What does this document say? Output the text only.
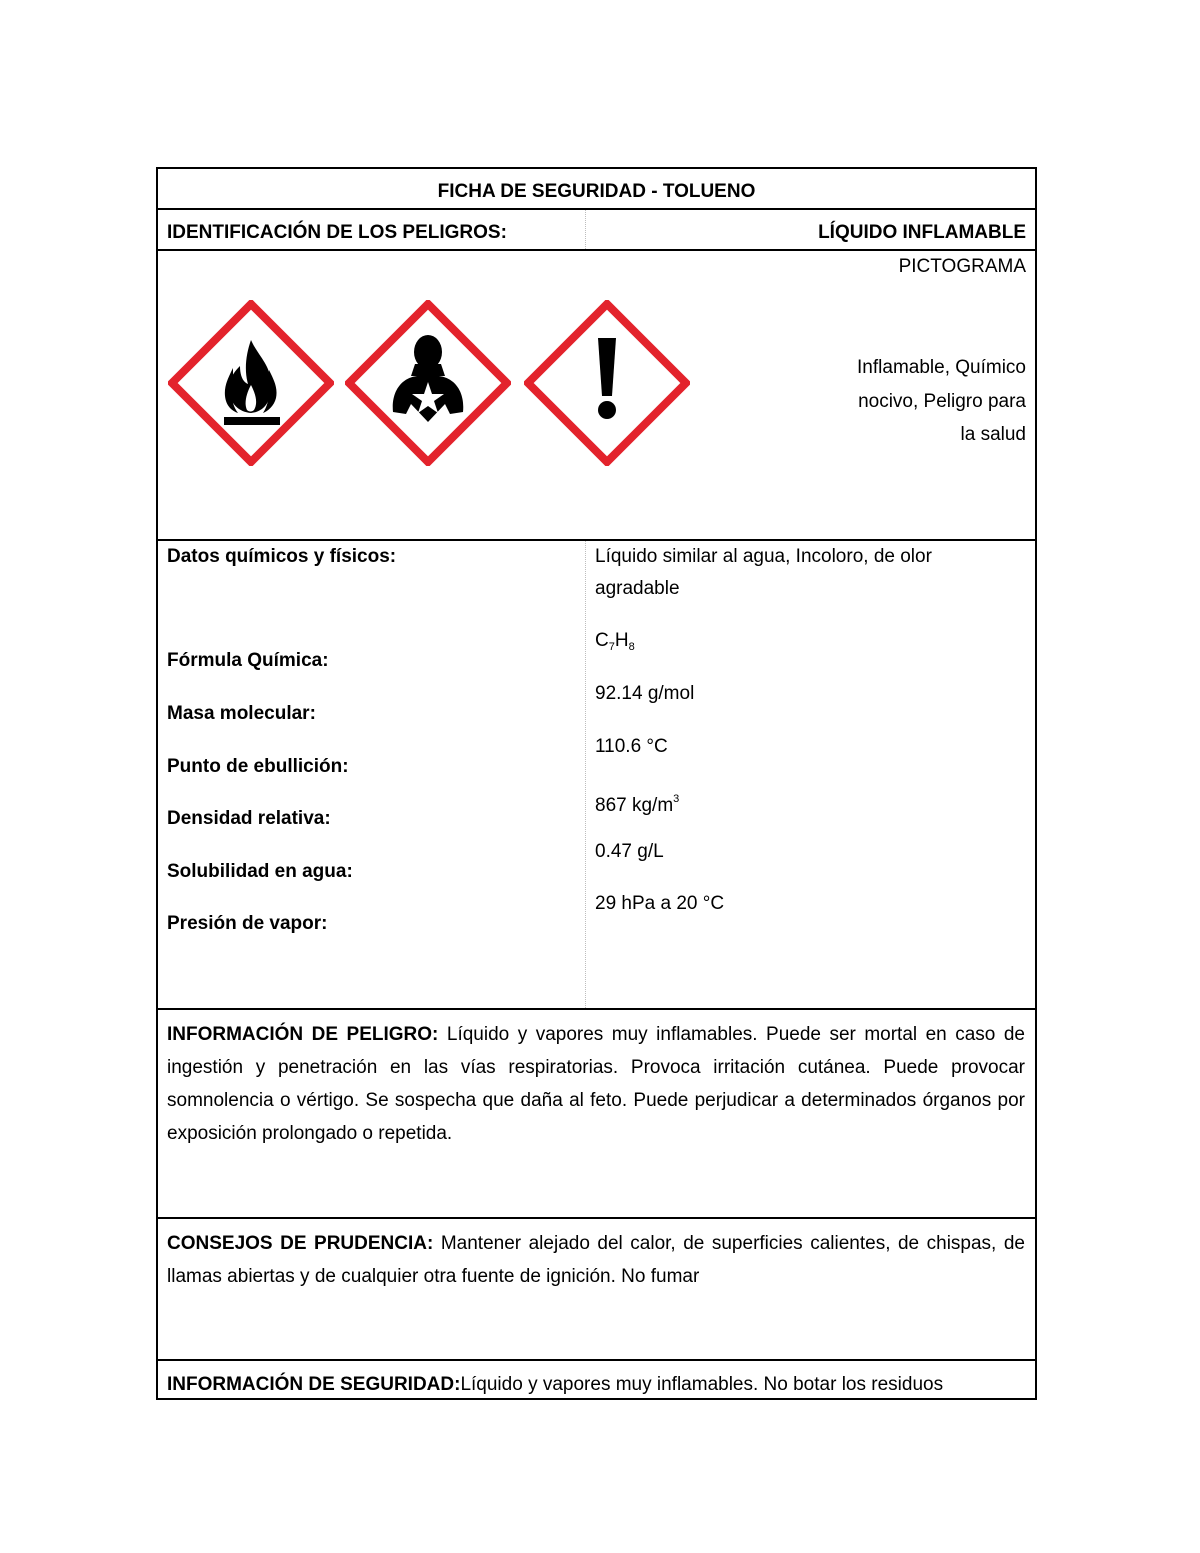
FICHA DE SEGURIDAD - TOLUENO
IDENTIFICACIÓN DE LOS PELIGROS:	LÍQUIDO INFLAMABLE
PICTOGRAMA
Inflamable, Químico
nocivo, Peligro para
la salud
Datos químicos y físicos:	Líquido similar al agua, Incoloro, de olor
agradable
Fórmula Química:
$C_7H_8$
Masa molecular:
92.14 g/mol
Punto de ebullición:
110.6 °C
Densidad relativa:
867 $kg/m^3$
Solubilidad en agua:
0.47 g/L
Presión de vapor:
29 hPa a 20 °C
INFORMACIÓN DE PELIGRO: Líquido y vapores muy inflamables. Puede ser mortal en caso de ingestión y penetración en las vías respiratorias. Provoca irritación cutánea. Puede provocar somnolencia o vértigo. Se sospecha que daña al feto. Puede perjudicar a determinados órganos por exposición prolongado o repetida.
CONSEJOS DE PRUDENCIA: Mantener alejado del calor, de superficies calientes, de chispas, de llamas abiertas y de cualquier otra fuente de ignición. No fumar
INFORMACIÓN DE SEGURIDAD:Líquido y vapores muy inflamables. No botar los residuos
